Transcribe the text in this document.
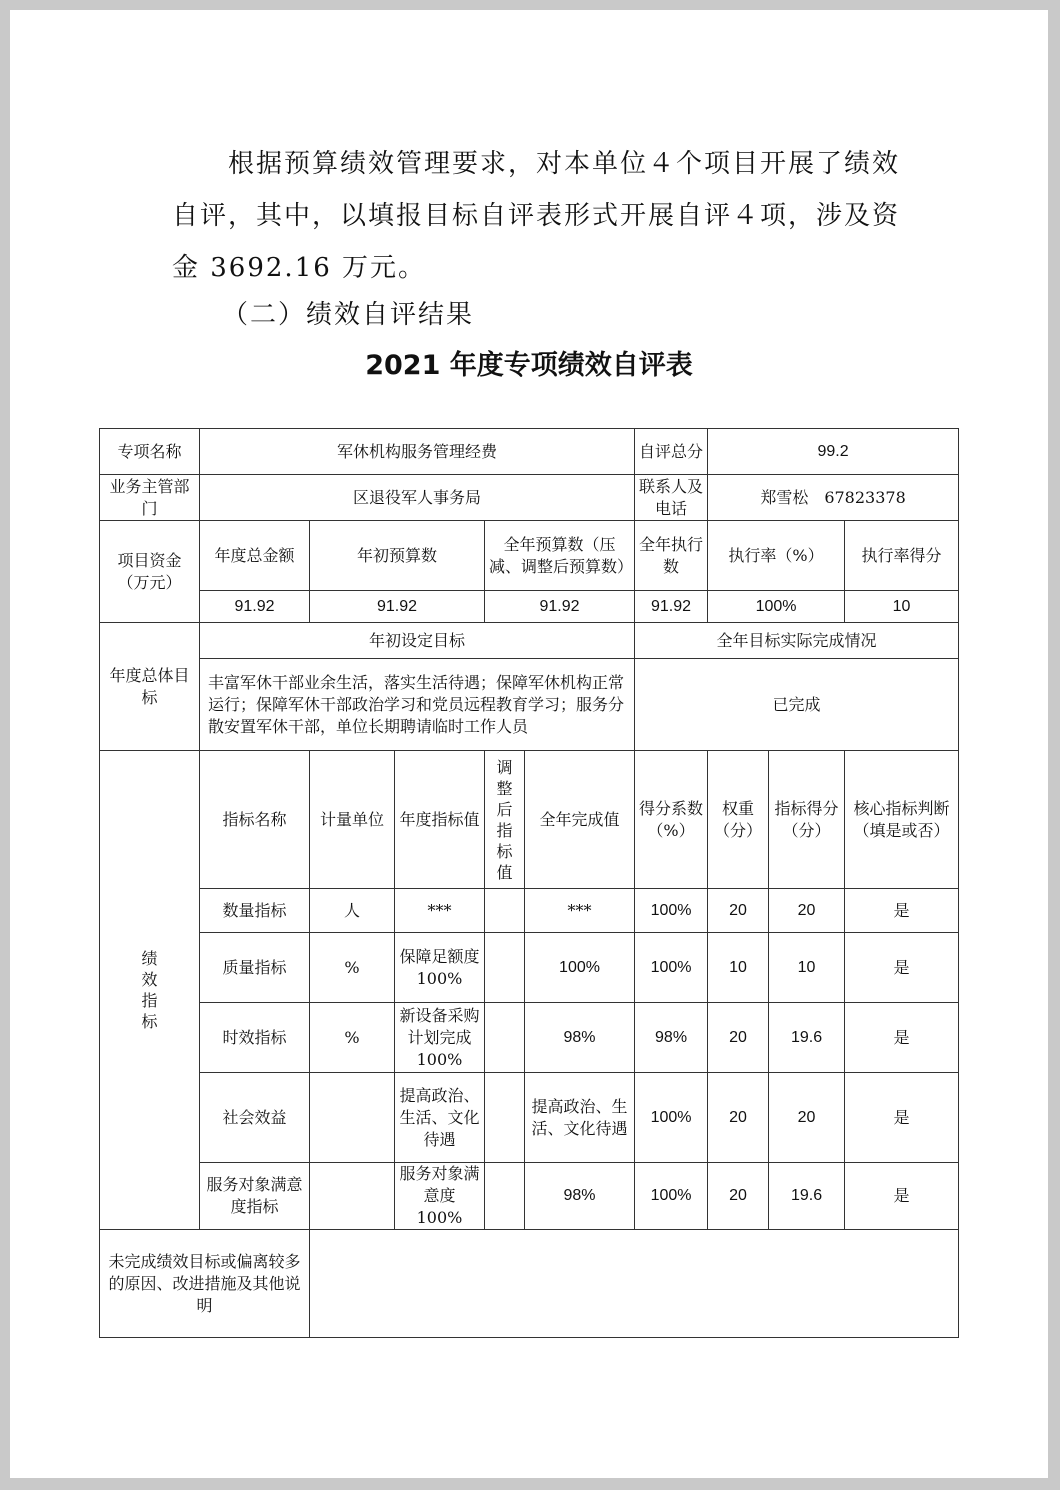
根据预算绩效管理要求，对本单位４个项目开展了绩效
自评，其中，以填报目标自评表形式开展自评４项，涉及资
金 3692.16 万元。

（二）绩效自评结果

2021 年度专项绩效自评表
专项名称	军休机构服务管理经费					自评总分	99.2		
业务主管部门	区退役军人事务局					联系人及电话	郑雪松　67823378		
项目资金（万元）	年度总金额	年初预算数		全年预算数（压减、调整后预算数）		全年执行数	执行率（%）		执行率得分
	91.92	91.92		91.92		91.92	100%		10
年度总体目标	年初设定目标					全年目标实际完成情况			
	丰富军休干部业余生活，落实生活待遇；保障军休机构正常运行；保障军休干部政治学习和党员远程教育学习；服务分散安置军休干部，单位长期聘请临时工作人员					已完成			

绩效指标	指标名称	计量单位	年度指标值	调整后指标值	全年完成值	得分系数（%）	权重（分）	指标得分（分）	核心指标判断（填是或否）
	数量指标	人	***		***	100%	20	20	是
	质量指标	%	保障足额度 100%		100%	100%	10	10	是
	时效指标	%	新设备采购计划完成 100%		98%	98%	20	19.6	是
	社会效益		提高政治、生活、文化待遇		提高政治、生活、文化待遇	100%	20	20	是
	服务对象满意度指标		服务对象满意度 100%		98%	100%	20	19.6	是
未完成绩效目标或偏离较多的原因、改进措施及其他说明									
